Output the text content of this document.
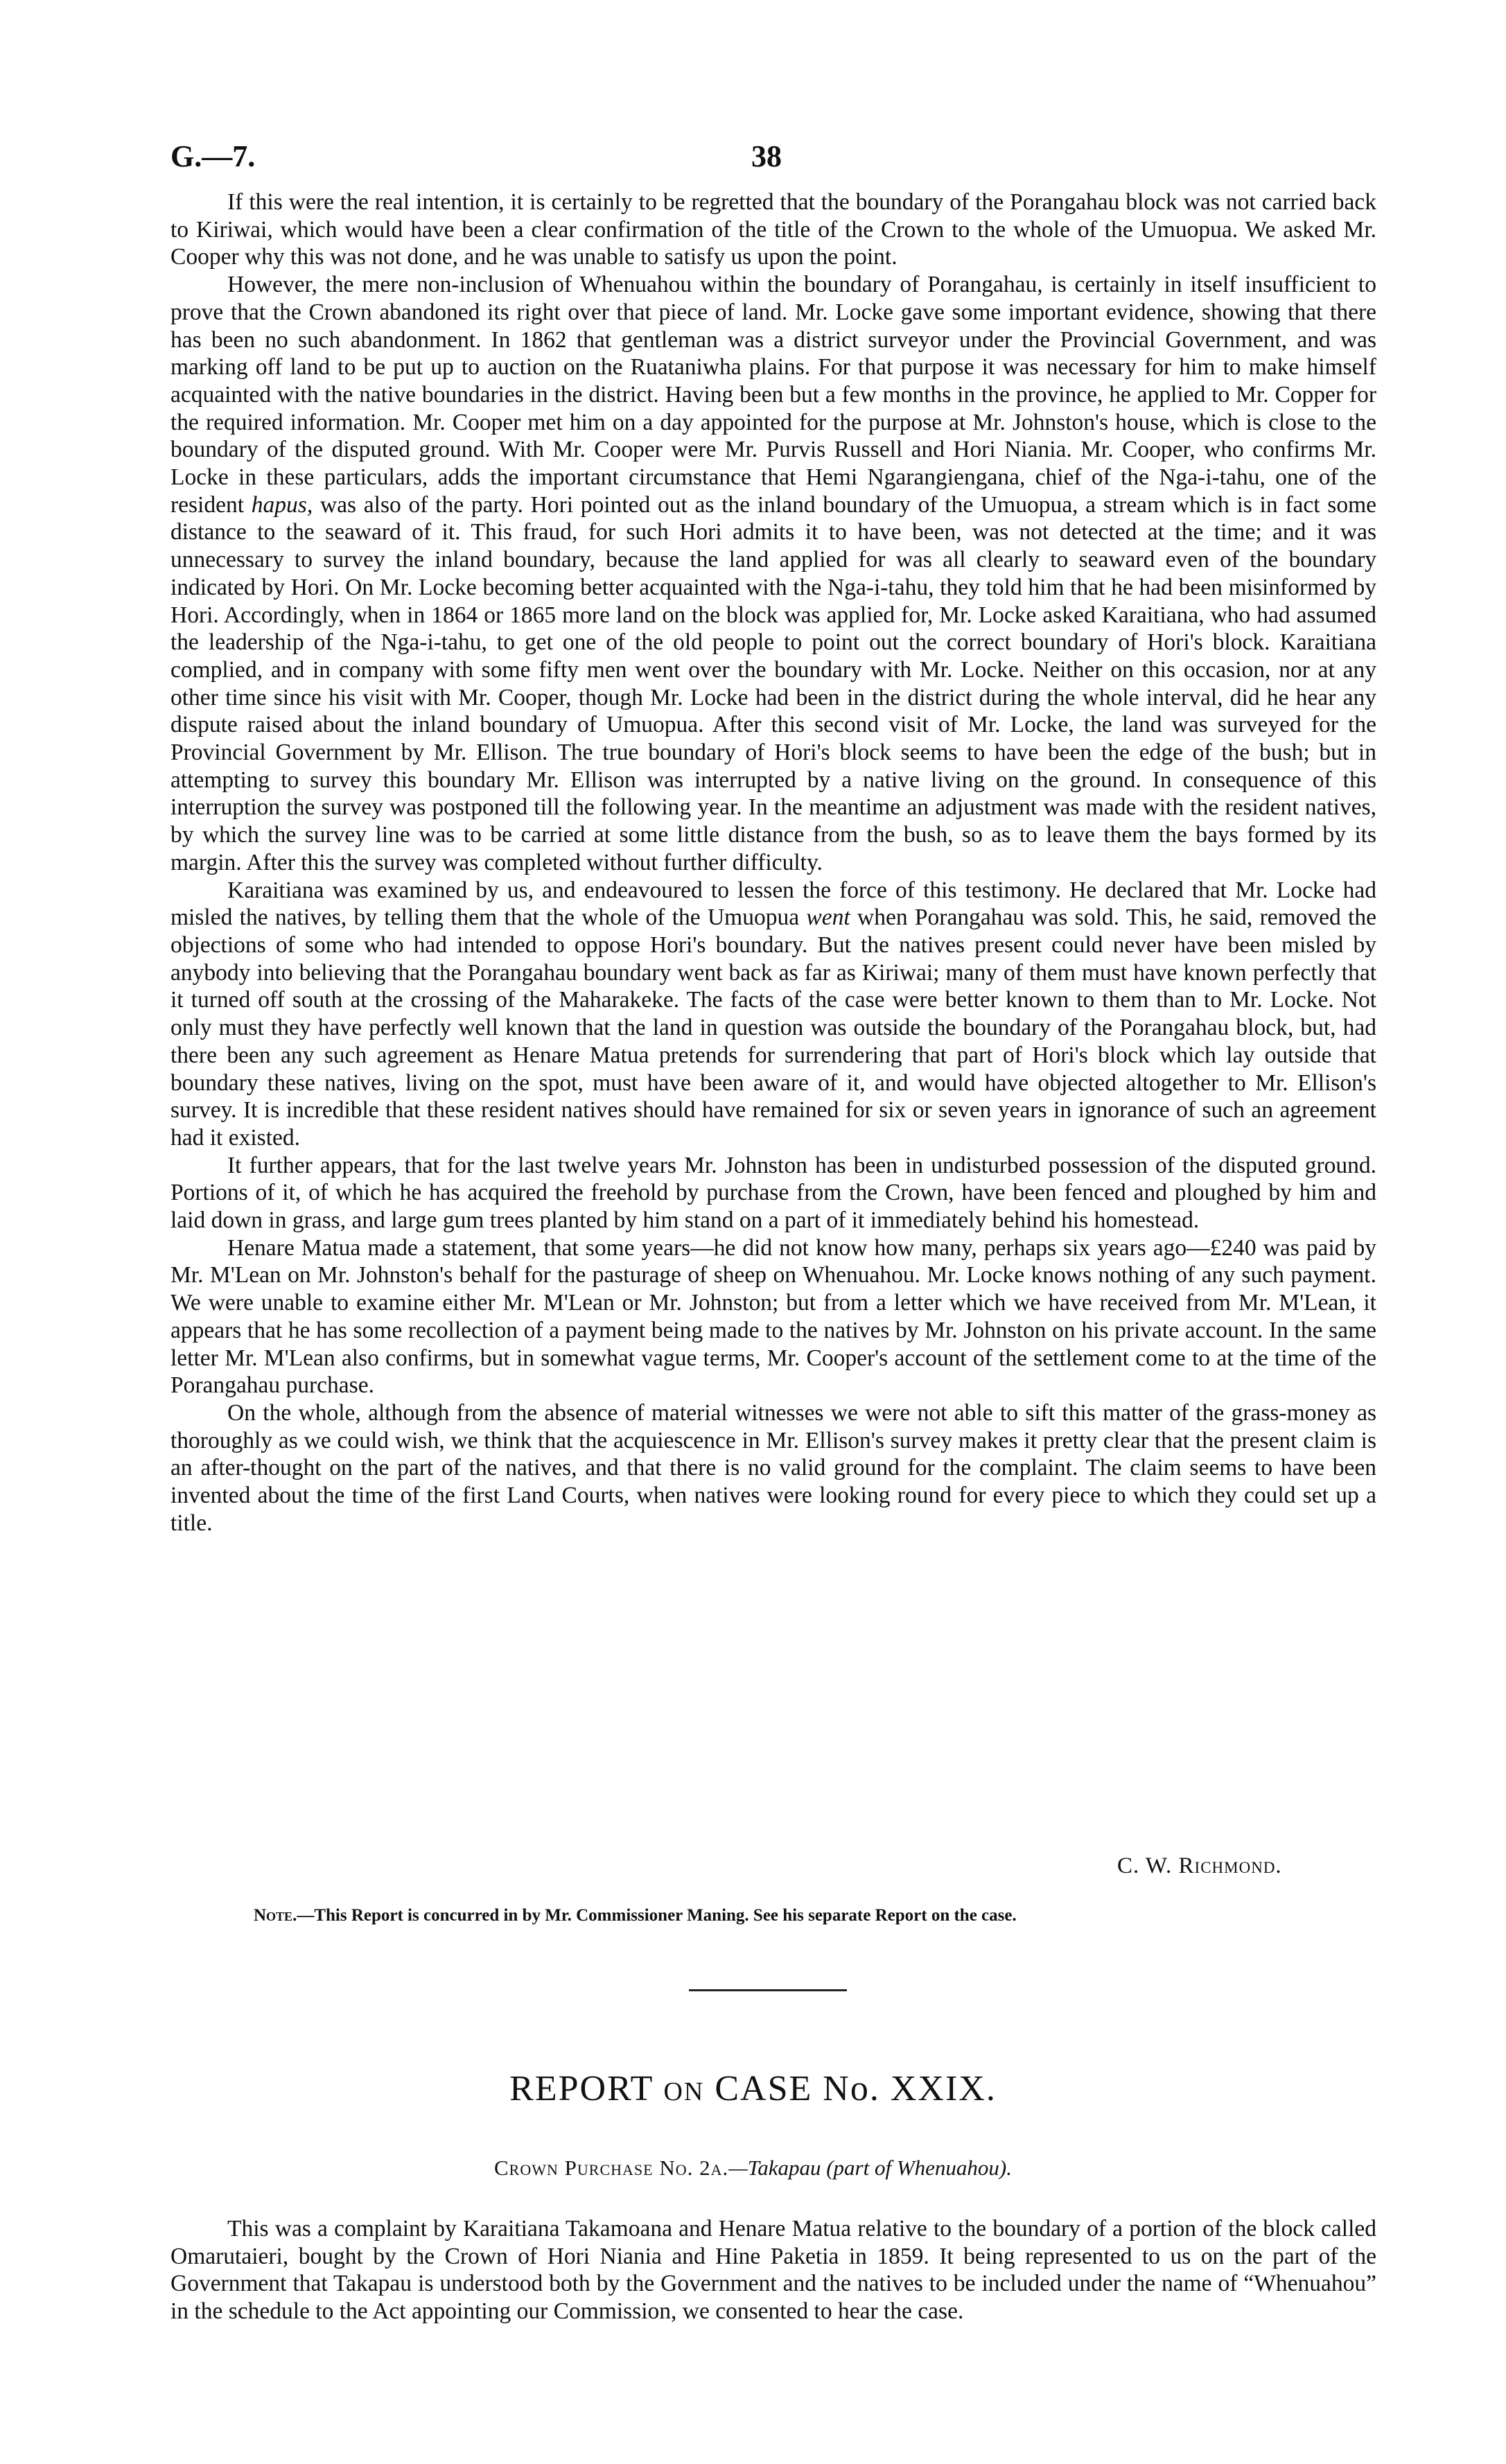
G.—7.	38

If this were the real intention, it is certainly to be regretted that the boundary of the Porangahau block was not carried back to Kiriwai, which would have been a clear confirmation of the title of the Crown to the whole of the Umuopua. We asked Mr. Cooper why this was not done, and he was unable to satisfy us upon the point.

However, the mere non-inclusion of Whenuahou within the boundary of Porangahau, is certainly in itself insufficient to prove that the Crown abandoned its right over that piece of land. Mr. Locke gave some important evidence, showing that there has been no such abandonment. In 1862 that gentleman was a district surveyor under the Provincial Government, and was marking off land to be put up to auction on the Ruataniwha plains. For that purpose it was necessary for him to make himself acquainted with the native boundaries in the district. Having been but a few months in the province, he applied to Mr. Copper for the required information. Mr. Cooper met him on a day appointed for the purpose at Mr. Johnston's house, which is close to the boundary of the disputed ground. With Mr. Cooper were Mr. Purvis Russell and Hori Niania. Mr. Cooper, who confirms Mr. Locke in these particulars, adds the important circumstance that Hemi Ngarangiengana, chief of the Nga-i-tahu, one of the resident hapus, was also of the party. Hori pointed out as the inland boundary of the Umuopua, a stream which is in fact some distance to the seaward of it. This fraud, for such Hori admits it to have been, was not detected at the time; and it was unnecessary to survey the inland boundary, because the land applied for was all clearly to seaward even of the boundary indicated by Hori. On Mr. Locke becoming better acquainted with the Nga-i-tahu, they told him that he had been misinformed by Hori. Accordingly, when in 1864 or 1865 more land on the block was applied for, Mr. Locke asked Karaitiana, who had assumed the leadership of the Nga-i-tahu, to get one of the old people to point out the correct boundary of Hori's block. Karaitiana complied, and in company with some fifty men went over the boundary with Mr. Locke. Neither on this occasion, nor at any other time since his visit with Mr. Cooper, though Mr. Locke had been in the district during the whole interval, did he hear any dispute raised about the inland boundary of Umuopua. After this second visit of Mr. Locke, the land was surveyed for the Provincial Government by Mr. Ellison. The true boundary of Hori's block seems to have been the edge of the bush; but in attempting to survey this boundary Mr. Ellison was interrupted by a native living on the ground. In consequence of this interruption the survey was postponed till the following year. In the meantime an adjustment was made with the resident natives, by which the survey line was to be carried at some little distance from the bush, so as to leave them the bays formed by its margin. After this the survey was completed without further difficulty.

Karaitiana was examined by us, and endeavoured to lessen the force of this testimony. He declared that Mr. Locke had misled the natives, by telling them that the whole of the Umuopua went when Porangahau was sold. This, he said, removed the objections of some who had intended to oppose Hori's boundary. But the natives present could never have been misled by anybody into believing that the Porangahau boundary went back as far as Kiriwai; many of them must have known perfectly that it turned off south at the crossing of the Maharakeke. The facts of the case were better known to them than to Mr. Locke. Not only must they have perfectly well known that the land in question was outside the boundary of the Porangahau block, but, had there been any such agreement as Henare Matua pretends for surrendering that part of Hori's block which lay outside that boundary these natives, living on the spot, must have been aware of it, and would have objected altogether to Mr. Ellison's survey. It is incredible that these resident natives should have remained for six or seven years in ignorance of such an agreement had it existed.

It further appears, that for the last twelve years Mr. Johnston has been in undisturbed possession of the disputed ground. Portions of it, of which he has acquired the freehold by purchase from the Crown, have been fenced and ploughed by him and laid down in grass, and large gum trees planted by him stand on a part of it immediately behind his homestead.

Henare Matua made a statement, that some years—he did not know how many, perhaps six years ago—£240 was paid by Mr. M'Lean on Mr. Johnston's behalf for the pasturage of sheep on Whenuahou. Mr. Locke knows nothing of any such payment. We were unable to examine either Mr. M'Lean or Mr. Johnston; but from a letter which we have received from Mr. M'Lean, it appears that he has some recollection of a payment being made to the natives by Mr. Johnston on his private account. In the same letter Mr. M'Lean also confirms, but in somewhat vague terms, Mr. Cooper's account of the settlement come to at the time of the Porangahau purchase.

On the whole, although from the absence of material witnesses we were not able to sift this matter of the grass-money as thoroughly as we could wish, we think that the acquiescence in Mr. Ellison's survey makes it pretty clear that the present claim is an after-thought on the part of the natives, and that there is no valid ground for the complaint. The claim seems to have been invented about the time of the first Land Courts, when natives were looking round for every piece to which they could set up a title.

C. W. Richmond.
Note.—This Report is concurred in by Mr. Commissioner Maning. See his separate Report on the case.
REPORT ON CASE No. XXIX.
Crown Purchase No. 2a.—Takapau (part of Whenuahou).

This was a complaint by Karaitiana Takamoana and Henare Matua relative to the boundary of a portion of the block called Omarutaieri, bought by the Crown of Hori Niania and Hine Paketia in 1859. It being represented to us on the part of the Government that Takapau is understood both by the Government and the natives to be included under the name of “Whenuahou” in the schedule to the Act appointing our Commission, we consented to hear the case.
